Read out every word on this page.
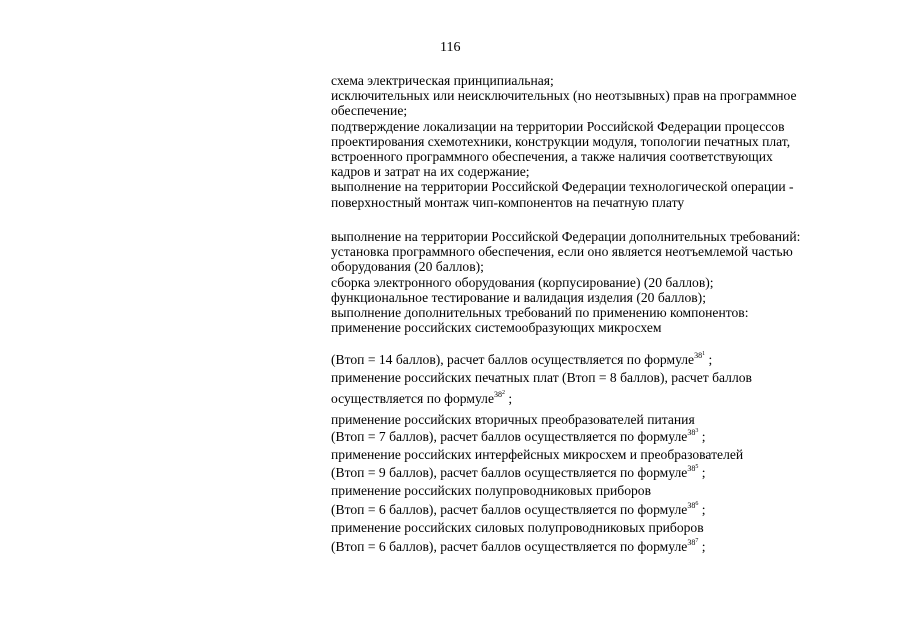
116
схема электрическая принципиальная;
исключительных или неисключительных (но неотзывных) прав на программное
обеспечение;
подтверждение локализации на территории Российской Федерации процессов
проектирования схемотехники, конструкции модуля, топологии печатных плат,
встроенного программного обеспечения, а также наличия соответствующих
кадров и затрат на их содержание;
выполнение на территории Российской Федерации технологической операции -
поверхностный монтаж чип-компонентов на печатную плату
выполнение на территории Российской Федерации дополнительных требований:
установка программного обеспечения, если оно является неотъемлемой частью
оборудования (20 баллов);
сборка электронного оборудования (корпусирование) (20 баллов);
функциональное тестирование и валидация изделия (20 баллов);
выполнение дополнительных требований по применению компонентов:
применение российских системообразующих микросхем
(Втоп = 14 баллов), расчет баллов осуществляется по формуле$^{38^1}$ ;
применение российских печатных плат (Втоп = 8 баллов), расчет баллов
осуществляется по формуле$^{38^2}$ ;
применение российских вторичных преобразователей питания
(Втоп = 7 баллов), расчет баллов осуществляется по формуле$^{38^3}$ ;
применение российских интерфейсных микросхем и преобразователей
(Втоп = 9 баллов), расчет баллов осуществляется по формуле$^{38^5}$ ;
применение российских полупроводниковых приборов
(Втоп = 6 баллов), расчет баллов осуществляется по формуле$^{38^6}$ ;
применение российских силовых полупроводниковых приборов
(Втоп = 6 баллов), расчет баллов осуществляется по формуле$^{38^7}$ ;
